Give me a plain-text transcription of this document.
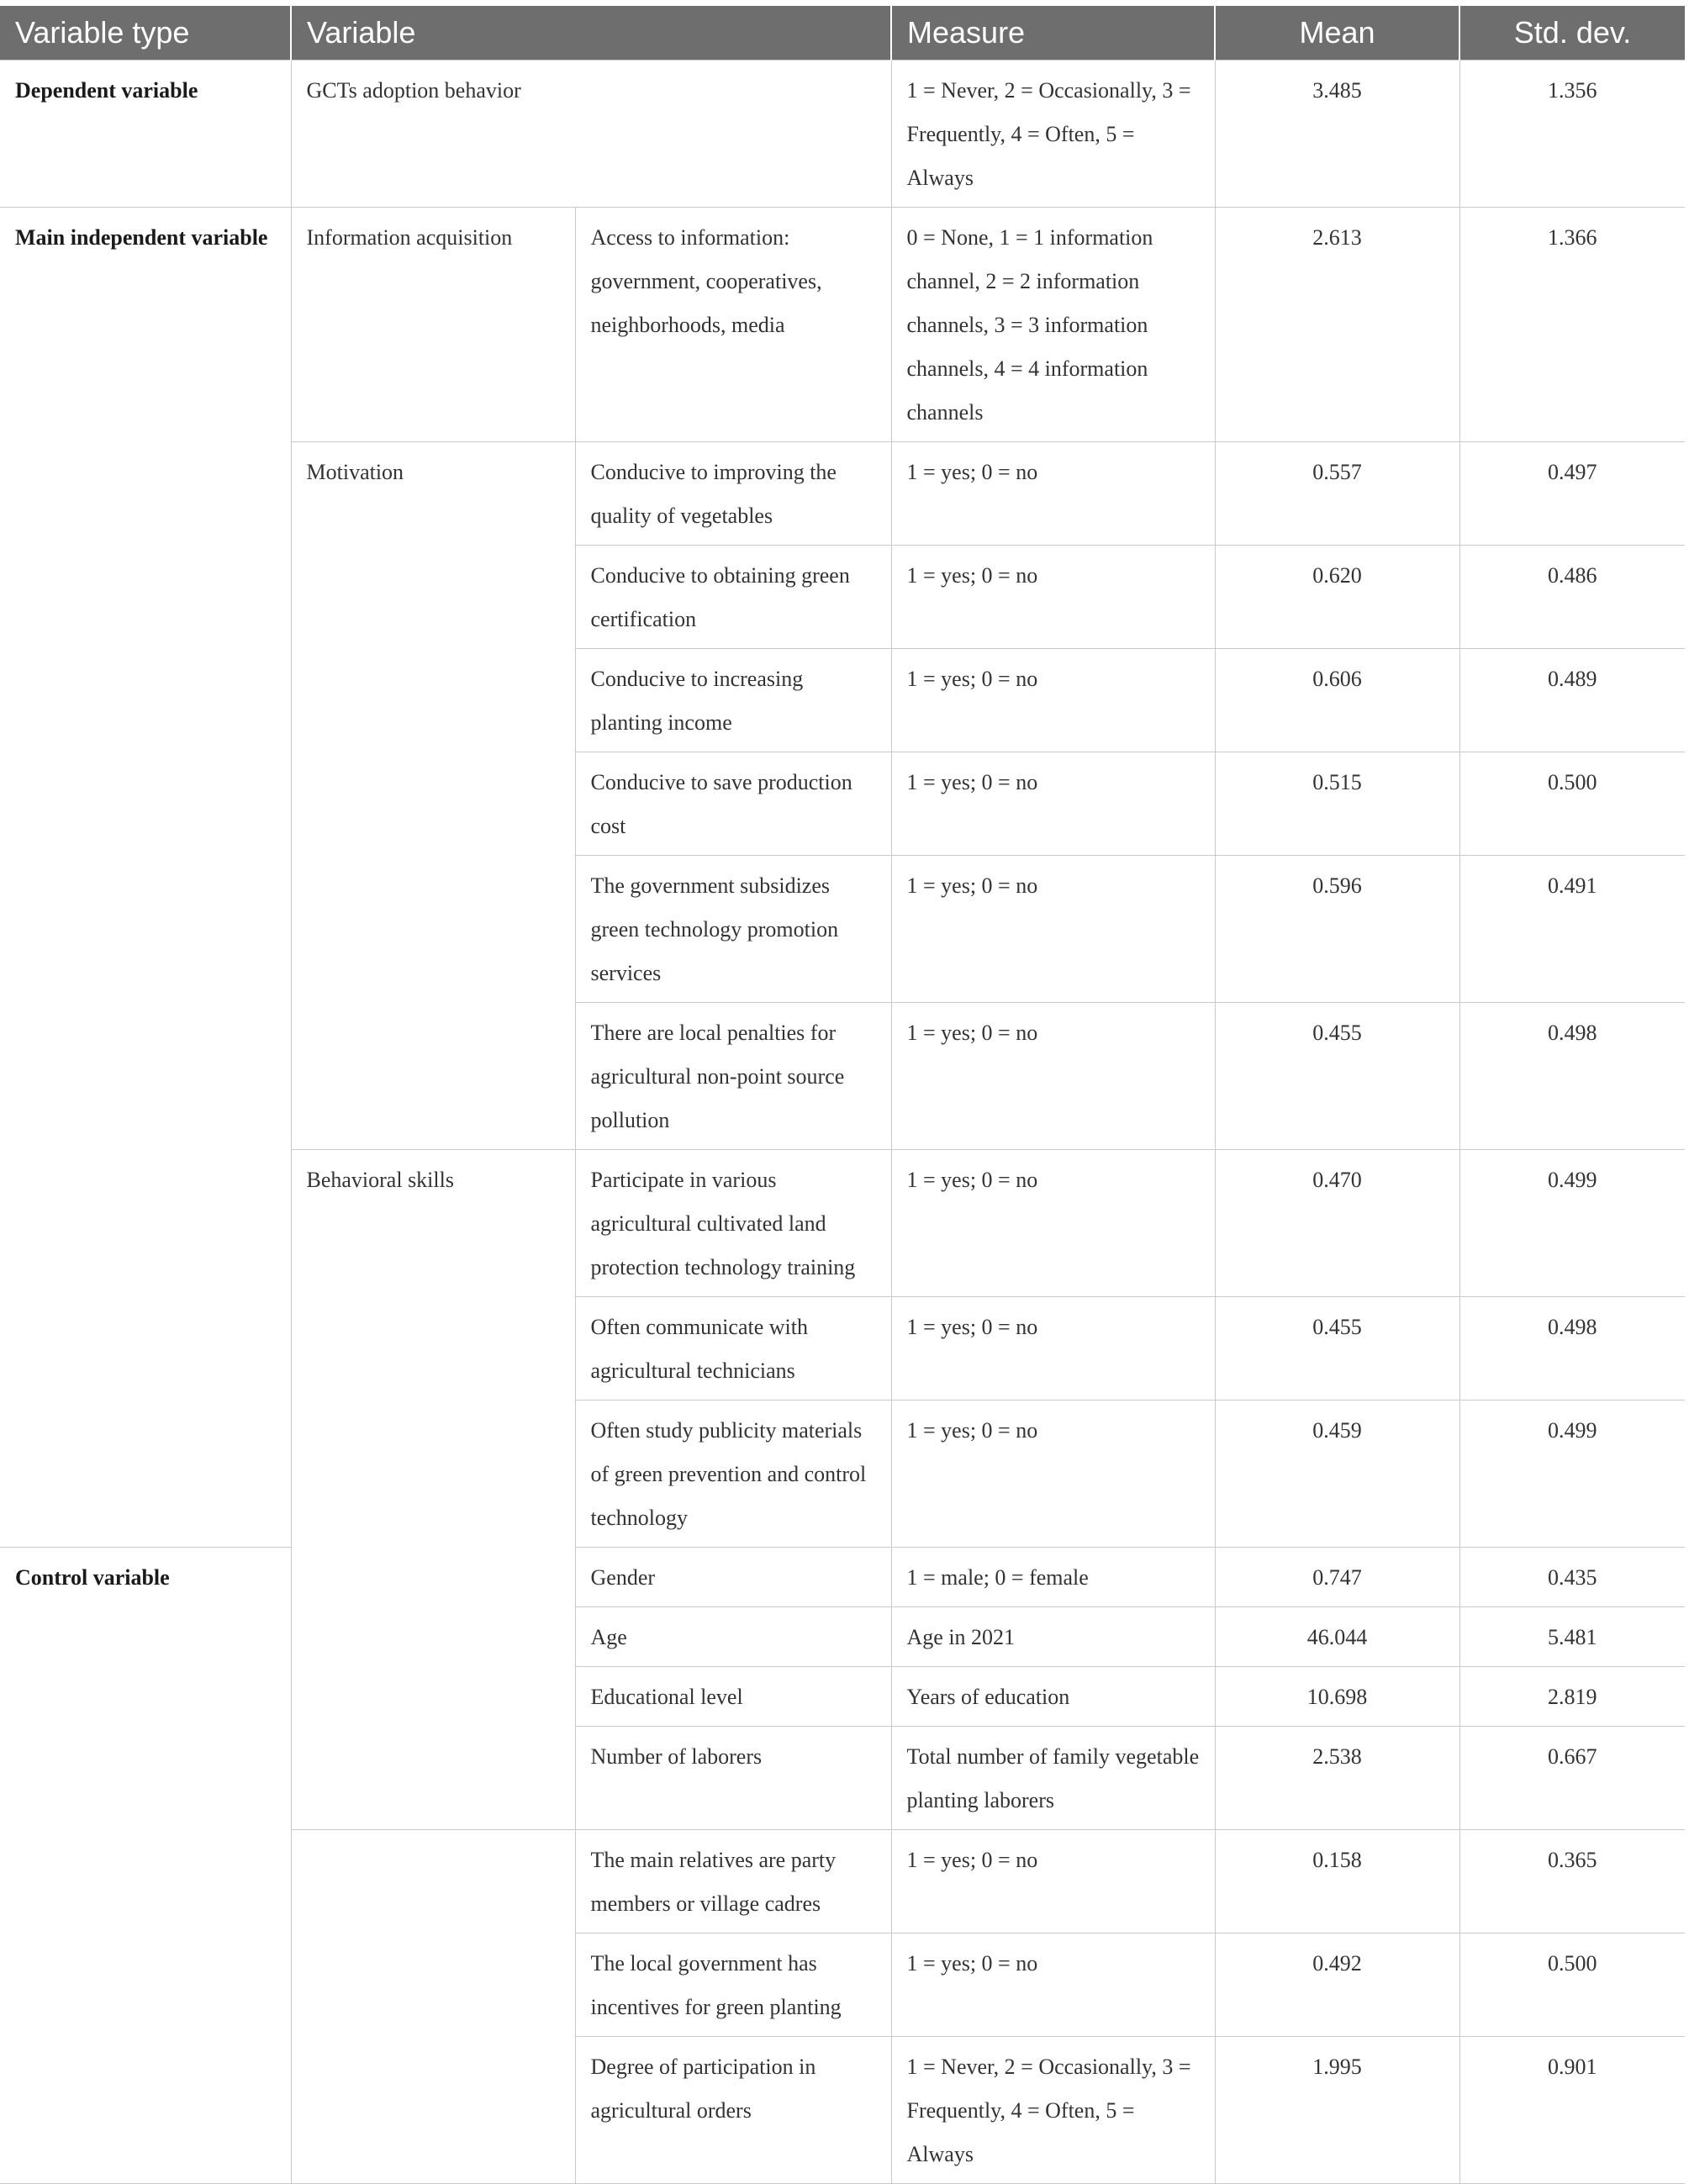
Variable type	Variable		Measure	Mean	Std. dev.
Dependent variable	GCTs adoption behavior		1 = Never, 2 = Occasionally, 3 = Frequently, 4 = Often, 5 = Always	3.485	1.356
Main independent variable	Information acquisition	Access to information: government, cooperatives, neighborhoods, media	0 = None, 1 = 1 information channel, 2 = 2 information channels, 3 = 3 information channels, 4 = 4 information channels	2.613	1.366
	Motivation	Conducive to improving the quality of vegetables	1 = yes; 0 = no	0.557	0.497
		Conducive to obtaining green certification	1 = yes; 0 = no	0.620	0.486
		Conducive to increasing planting income	1 = yes; 0 = no	0.606	0.489
		Conducive to save production cost	1 = yes; 0 = no	0.515	0.500
		The government subsidizes green technology promotion services	1 = yes; 0 = no	0.596	0.491
		There are local penalties for agricultural non-point source pollution	1 = yes; 0 = no	0.455	0.498
	Behavioral skills	Participate in various agricultural cultivated land protection technology training	1 = yes; 0 = no	0.470	0.499
		Often communicate with agricultural technicians	1 = yes; 0 = no	0.455	0.498
		Often study publicity materials of green prevention and control technology	1 = yes; 0 = no	0.459	0.499
Control variable		Gender	1 = male; 0 = female	0.747	0.435
		Age	Age in 2021	46.044	5.481
		Educational level	Years of education	10.698	2.819
		Number of laborers	Total number of family vegetable planting laborers	2.538	0.667
		The main relatives are party members or village cadres	1 = yes; 0 = no	0.158	0.365
		The local government has incentives for green planting	1 = yes; 0 = no	0.492	0.500
		Degree of participation in agricultural orders	1 = Never, 2 = Occasionally, 3 = Frequently, 4 = Often, 5 = Always	1.995	0.901
